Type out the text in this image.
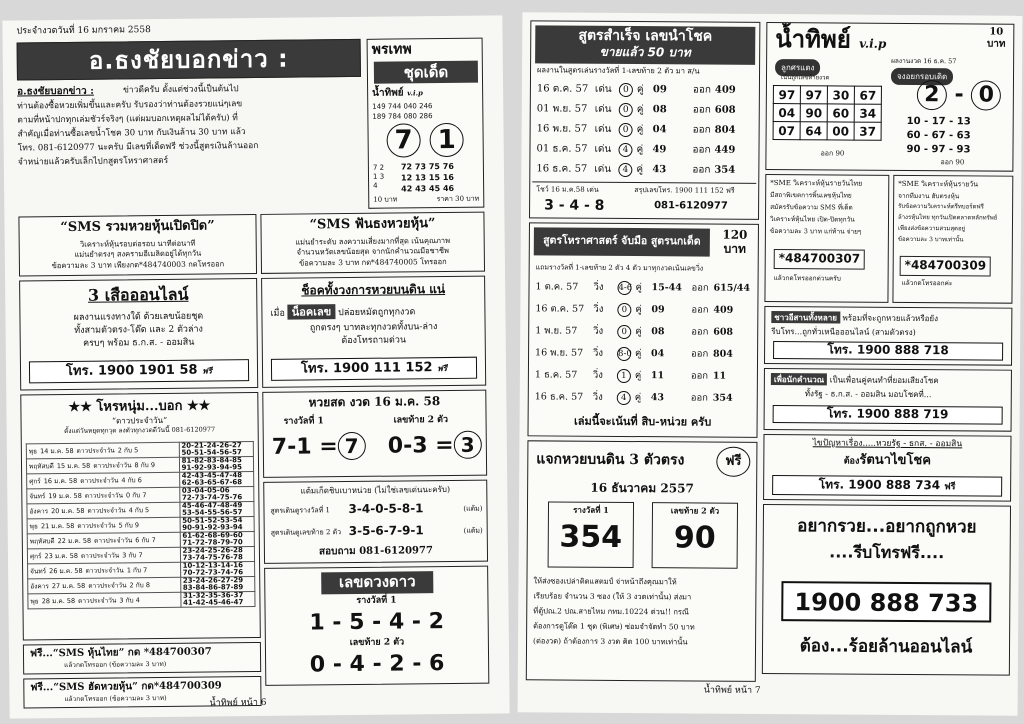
ประจำงวดวันที่ 16 มกราคม 2558
อ.ธงชัยบอกข่าว :	พรเทพ
ชุดเด็ด
น้ำทิพย์ v.i.p
149 744 040 246
189 784 080 286
7 1
7 2
1 3
4
72 73 75 76
12 13 15 16
42 43 45 46
10 บาท	ราคา 30 บาท
อ.ธงชัยบอกข่าว :	ข่าวดีครับ ตั้งแต่ช่วงนี้เป็นต้นไป
ท่านต้องซื้อหวยเพิ่มขึ้นและครับ รับรองว่าท่านต้องรวยแน่ๆเลข
ตามที่หน้าปกทุกเล่มชัวร์จริงๆ (แต่ผมบอกเหตุผลไม่ได้ครับ) ที่
สำคัญเมื่อท่านซื้อเลขน้ำโชค 30 บาท กับเงินล้าน 30 บาท แล้ว
โทร. 081-6120977 นะครับ มีเลขที่เด็ดฟรี ช่วงนี้สูตรเงินล้านออก
จำหน่ายแล้วครับเล็กไปกสูตรโหราศาสตร์
“SMS รวมหวยหุ้นเปิดปิด”
วิเคราะห์หุ้นรอบต่อรอบ นาทีต่อนาที
แม่นยำตรงๆ สงครามอีเมลิดอยู่ได้ทุกวัน
ข้อความละ 3 บาท เพียงกด*484740003 กดโทรออก
“SMS ฟันธงหวยหุ้น”
แม่นยำระดับ ลงความเสี่ยงมากที่สุด เน้นคุณภาพ
จำนวนหวัดเลขน้อยสุด จากนักคำนวณมือชาชีพ
ข้อความละ 3 บาท กด*484740005 โทรออก
3 เสือออนไลน์
ผลงานแรงทางใต้ ด้วยเลขน้อยชุด
ทั้งสามตัวตรง-โต๊ด และ 2 ตัวล่าง
ครบๆ พร้อม ธ.ก.ส. - ออมสิน
โทร. 1900 1901 58 ฟรี
ช็อคทั้งวงการหวยบนดิน แน่
เมื่อ น็อคเลข ปล่อยหมัดถูกทุกงวด
ถูกตรงๆ บาทละทุกงวดทั้งบน-ล่าง
ต้องโทรถามด่วน
โทร. 1900 111 152 ฟรี
★★ โหรหนุ่ม...บอก ★★
“ดาวประจำวัน”
ตั้งแต่วันหยุดทุกวุด ลงตัวทุกงวดดีวันนี้ 081-6120977
พุธ 14 ม.ค. 58 ดาวประจำวัน 2 กับ 5	20-21-24-26-27
50-51-54-56-57

พฤหัสบดี 15 ม.ค. 58 ดาวประจำวัน 8 กับ 9	81-82-83-84-85
91-92-93-94-95

ศุกร์ 16 ม.ค. 58 ดาวประจำวัน 4 กับ 6	42-43-45-47-48
62-63-65-67-68

จันทร์ 19 ม.ค. 58 ดาวประจำวัน 0 กับ 7	03-04-05-06
72-73-74-75-76

อังคาร 20 ม.ค. 58 ดาวประจำวัน 4 กับ 5	45-46-47-48-49
53-54-55-56-57

พุธ 21 ม.ค. 58 ดาวประจำวัน 5 กับ 9	50-51-52-53-54
90-91-92-93-94

พฤหัสบดี 22 ม.ค. 58 ดาวประจำวัน 6 กับ 7	61-62-68-69-60
71-72-78-79-70

ศุกร์ 23 ม.ค. 58 ดาวประจำวัน 3 กับ 7	23-24-25-26-28
73-74-75-76-78

จันทร์ 26 ม.ค. 58 ดาวประจำวัน 1 กับ 7	10-12-13-14-16
70-72-73-74-76

อังคาร 27 ม.ค. 58 ดาวประจำวัน 2 กับ 8	23-24-26-27-29
83-84-86-87-89

พุธ 28 ม.ค. 58 ดาวประจำวัน 3 กับ 4	31-32-35-36-37
41-42-45-46-47
หวยสด งวด 16 ม.ค. 58
รางวัลที่ 1	เลขท้าย 2 ตัว
7-1 = 7	0-3 = 3
แต้มเก็ดชิบเบาหน่วย (ไม่ใช่เลขเด่นนะครับ)
สูตรเดินตูรางวัลที่ 1 3-4-0-5-8-1	(แต้ม)
สูตรเดินตูเลขท้าย 2 ตัว 3-5-6-7-9-1	(แต้ม)
สอบถาม 081-6120977
เลขดวงดาว
รางวัลที่ 1
1 - 5 - 4 - 2
เลขท้าย 2 ตัว
0 - 4 - 2 - 6
ฟรี...“SMS หุ้นไทย” กด *484700307
แล้วกดโทรออก (ข้อความละ 3 บาท)
ฟรี...“SMS ฮัดหวยหุ้น” กด*484700309
แล้วกดโทรออก (ข้อความละ 3 บาท)	น้ำทิพย์ หน้า 6
สูตรสำเร็จ เลขนำโชค
ขายแล้ว 50 บาท
ผลงานในสูตรเล่นรางวัลที่ 1-เลขท้าย 2 ตัว มา ส/น
16 ต.ค. 57 เด่น 0 คู่ 09	ออก 409
01 พ.ย. 57 เด่น 0 คู่ 08	ออก 608
16 พ.ย. 57 เด่น 0 คู่ 04	ออก 804
01 ธ.ค. 57 เด่น 4 คู่ 49	ออก 449
16 ธ.ค. 57 เด่น 4 คู่ 43	ออก 354
โชว์ 16 ม.ค.58 เด่น
3 - 4 - 8
สรุปเลขโทร. 1900 111 152 ฟรี
081-6120977
น้ำทิพย์ v.i.p
10 บาท
ลูกศรแดง
ผลงานงวด 16 ธ.ค. 57
จงอยกรอบเดิด
เน้นถูกเลขท้ายงวด
97	97	30	67
04	90	60	34
07	64	00	37
ออก 90
2 - 0
10 - 17 - 13
60 - 67 - 63
90 - 97 - 93
ออก 90
*SME วิเคราะห์หุ้นรายวันไทย
มีสถาพิเขตการพิ้นเลขหุ้นไทย
สมัครรับข้อความ SMS ที่เด็ด
วิเคราะห์หุ้นไทย เปิด-ปิดทุกวัน
ข้อความละ 3 บาท แก่ท้าน จ่ายๆ
*484700307
แล้วกดโทรออกด่วนครับ
*SME วิเคราะห์หุ้นรายวัน
จากทีมงาน ฮับตรงหุ้น
รับข้อความวิเคราะห์ตรีทบอร์ดฟรี
ล้างรหุ้นไทย ทุกวันเปิดตลาดหลักทรัพย์
เพียงส่งข้อความสวมสุดอยู่
ข้อความละ 3 บาทเท่านั้น
*484700309
แล้วกดโทรออกค่ะ
สูตรโหราศาสตร์ จับมือ สูตรนกเด็ด	120 บาท
แถมรางวัลที่ 1-เลขท้าย 2 ตัว 4 ตัว มาทุกงวดเน้นเลขวิ่ง
1 ต.ค. 57 วิ่ง 4-6 คู่ 15-44 ออก 615/44
16 ต.ค. 57 วิ่ง 0 คู่ 09	ออก 409
1 พ.ย. 57 วิ่ง 0 คู่ 08	ออก 608
16 พ.ย. 57 วิ่ง 8-0 คู่ 04	ออก 804
1 ธ.ค. 57 วิ่ง 1 คู่ 11	ออก 11
16 ธ.ค. 57 วิ่ง 4 คู่ 43	ออก 354
เล่มนี้จะเน้นที่ สิบ-หน่วย ครับ
ชาวอีสานทั้งหลาย พร้อมที่จะถูกหวยแล้วหรือยัง
รีบโทร...ถูกทั่วเหนือออนไลน์ (สามตัวตรง)
โทร. 1900 888 718
เพื่อนักคำนวณ เป็นเพื่อนคู่คนทำที่ยอมเสียงโชค
ทั้งรัฐ - ธ.ก.ส. - ออมสิน มอบโชคที่...
โทร. 1900 888 719
แจกหวยบนดิน 3 ตัวตรง	ฟรี
16 ธันวาคม 2557
รางวัลที่ 1
354
เลขท้าย 2 ตัว
90
ให้ส่งซองเปล่าติดแสตมป์ จ่าหน้าถึงคุณมาให้
เรียบร้อย จำนวน 3 ซอง (ให้ 3 งวดเท่านั้น) ส่งมา
ที่ตู้ปณ.2 ปณ.สายไหม กทม.10224 ด่วน!! กรณี
ต้องการตูโต๊ด 1 ชุด (พิเศษ) ซ่อมจำจัดทำ 50 บาท
(ต่องวด) ถ้าต้องการ 3 งวด คิด 100 บาทเท่านั้น
ไขปัญหาเรื่อง.....หวยรัฐ - ธกส. - ออมสิน
ต้องรัตนาไขโชค
โทร. 1900 888 734 ฟรี
อยากรวย...อยากถูกหวย
....รีบโทรฟรี....
1900 888 733
ต้อง...ร้อยล้านออนไลน์
น้ำทิพย์ หน้า 7
